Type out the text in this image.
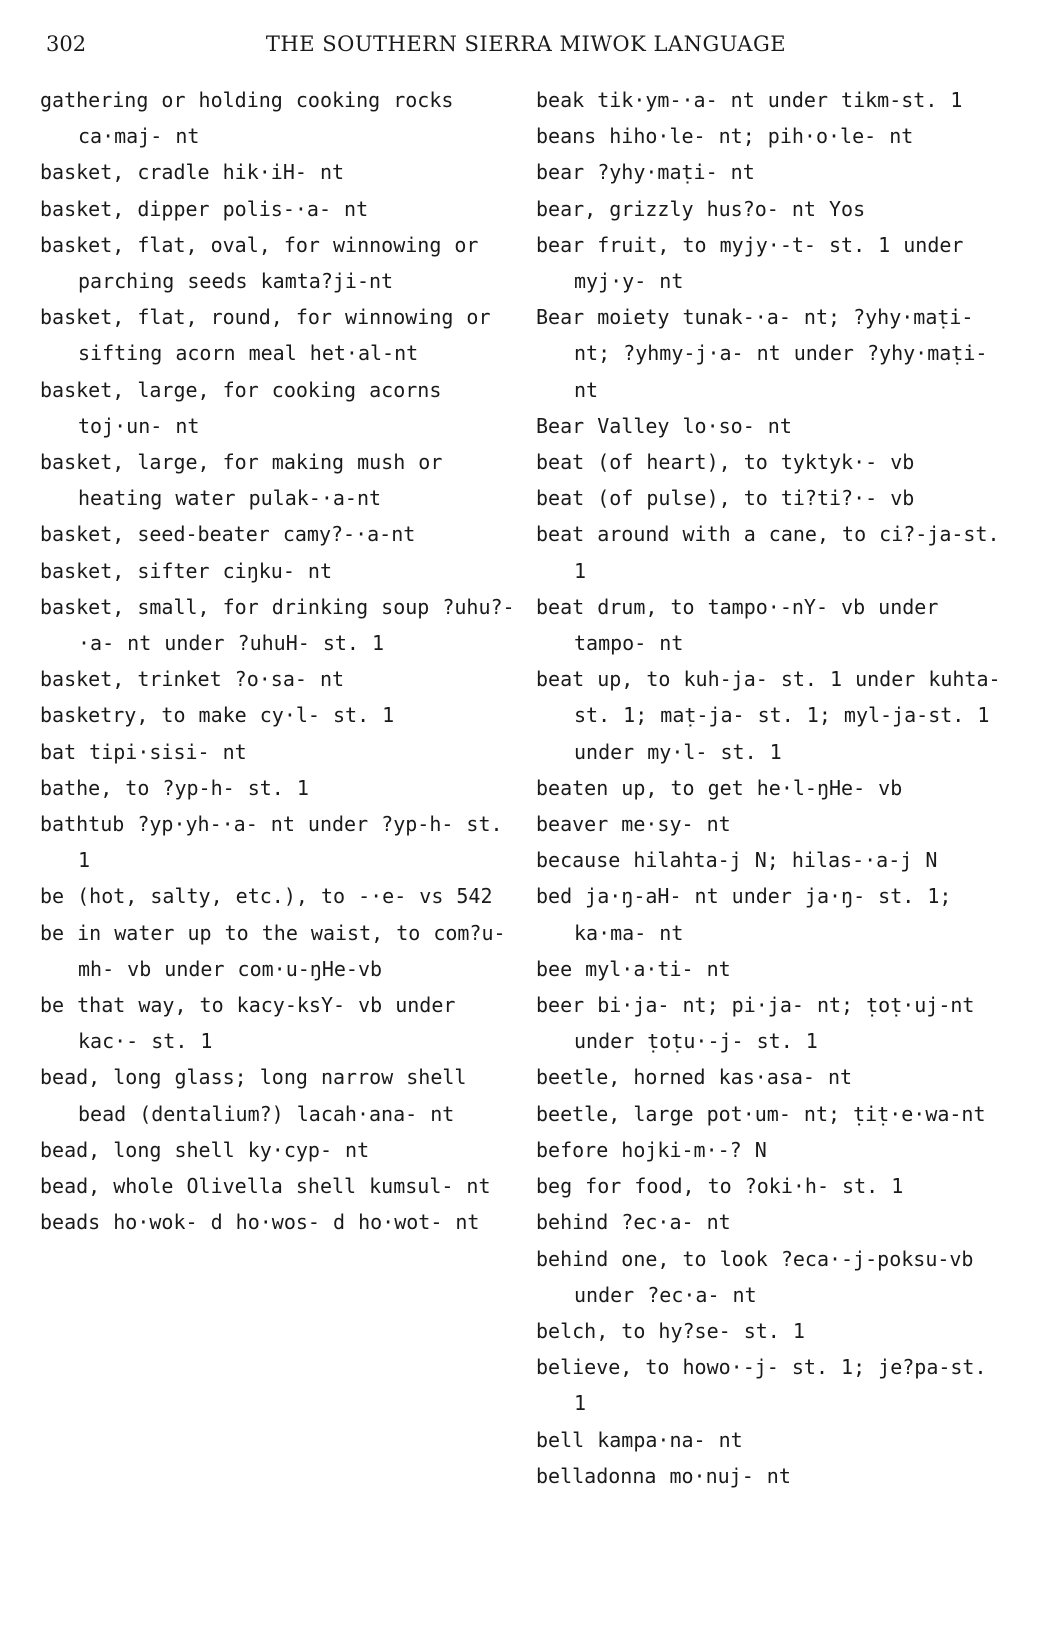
302	THE SOUTHERN SIERRA MIWOK LANGUAGE

gathering or holding cooking rocks ca·maj- nt

basket, cradle hik·iH- nt

basket, dipper polis-·a- nt

basket, flat, oval, for winnowing or parching seeds kamta?ji-nt

basket, flat, round, for winnowing or sifting acorn meal het·al-nt

basket, large, for cooking acorns toj·un- nt

basket, large, for making mush or heating water pulak-·a-nt

basket, seed-beater camy?-·a-nt

basket, sifter ciŋku- nt

basket, small, for drinking soup ?uhu?-·a- nt under ?uhuH- st. 1

basket, trinket ?o·sa- nt

basketry, to make cy·l- st. 1

bat tipi·sisi- nt

bathe, to ?yp-h- st. 1

bathtub ?yp·yh-·a- nt under ?yp-h- st. 1

be (hot, salty, etc.), to -·e- vs 542

be in water up to the waist, to com?u-mh- vb under com·u-ŋHe-vb

be that way, to kacy-ksY- vb under kac·- st. 1

bead, long glass; long narrow shell bead (dentalium?) lacah·ana- nt

bead, long shell ky·cyp- nt

bead, whole Olivella shell kumsul- nt

beads ho·wok- d ho·wos- d ho·wot- nt

beak tik·ym-·a- nt under tikm-st. 1

beans hiho·le- nt; pih·o·le- nt

bear ?yhy·maṭi- nt

bear, grizzly hus?o- nt Yos

bear fruit, to myjy·-t- st. 1 under myj·y- nt

Bear moiety tunak-·a- nt; ?yhy·maṭi- nt; ?yhmy-j·a- nt under ?yhy·maṭi- nt

Bear Valley lo·so- nt

beat (of heart), to tyktyk·- vb

beat (of pulse), to ti?ti?·- vb

beat around with a cane, to ci?-ja-st. 1

beat drum, to tampo·-nY- vb under tampo- nt

beat up, to kuh-ja- st. 1 under kuhta- st. 1; maṭ-ja- st. 1; myl-ja-st. 1 under my·l- st. 1

beaten up, to get he·l-ŋHe- vb

beaver me·sy- nt

because hilahta-j N; hilas-·a-j N

bed ja·ŋ-aH- nt under ja·ŋ- st. 1; ka·ma- nt

bee myl·a·ti- nt

beer bi·ja- nt; pi·ja- nt; ṭoṭ·uj-nt under ṭoṭu·-j- st. 1

beetle, horned kas·asa- nt

beetle, large pot·um- nt; ṭiṭ·e·wa-nt

before hojki-m·-? N

beg for food, to ?oki·h- st. 1

behind ?ec·a- nt

behind one, to look ?eca·-j-poksu-vb under ?ec·a- nt

belch, to hy?se- st. 1

believe, to howo·-j- st. 1; je?pa-st. 1

bell kampa·na- nt

belladonna mo·nuj- nt
